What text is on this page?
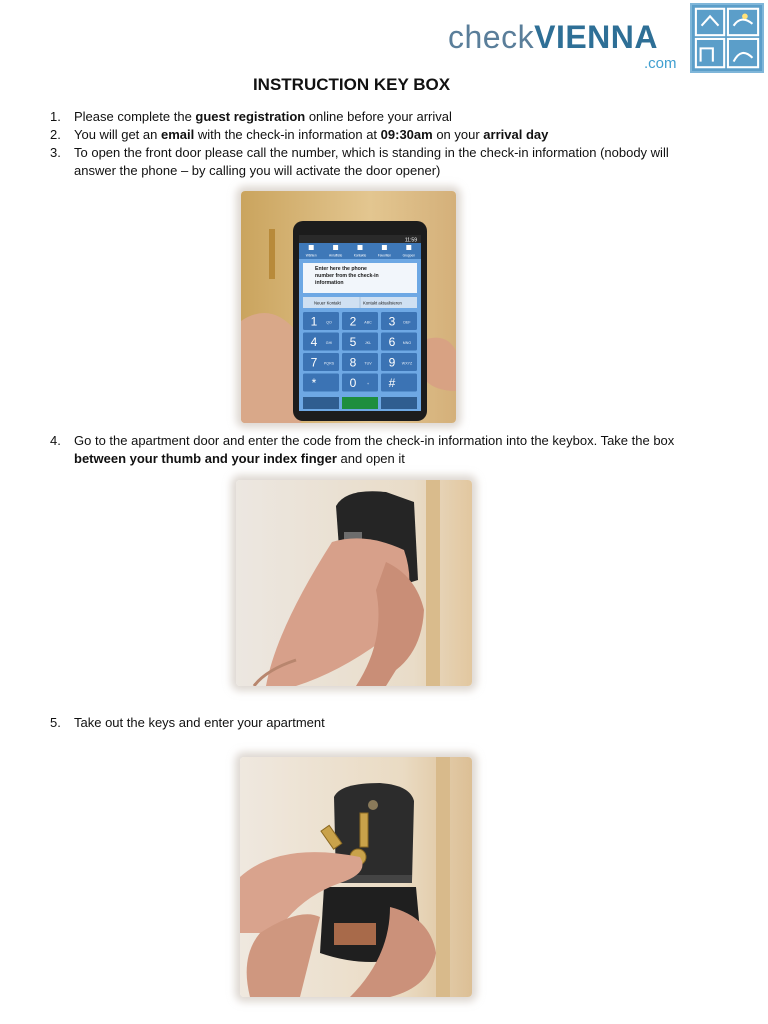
checkVIENNA
.com
INSTRUCTION KEY BOX
1.	Please complete the guest registration online before your arrival
2.	You will get an email with the check-in information at 09:30am on your arrival day
3.	To open the front door please call the number, which is standing in the check-in information (nobody will answer the phone – by calling you will activate the door opener)
11:59
Wählen	Anrufliste	Kontakte	Favoriten	Gruppen
Enter here the phone
number from the check-in
information
Neuer Kontakt	Kontakt aktualisieren
1 QO 2 ABC 3 DEF
4 GHI 5 JKL 6 MNO
7 PQRS 8 TUV 9 WXYZ
*	0	+ #
4.	Go to the apartment door and enter the code from the check-in information into the keybox. Take the box between your thumb and your index finger and open it
5.	Take out the keys and enter your apartment
